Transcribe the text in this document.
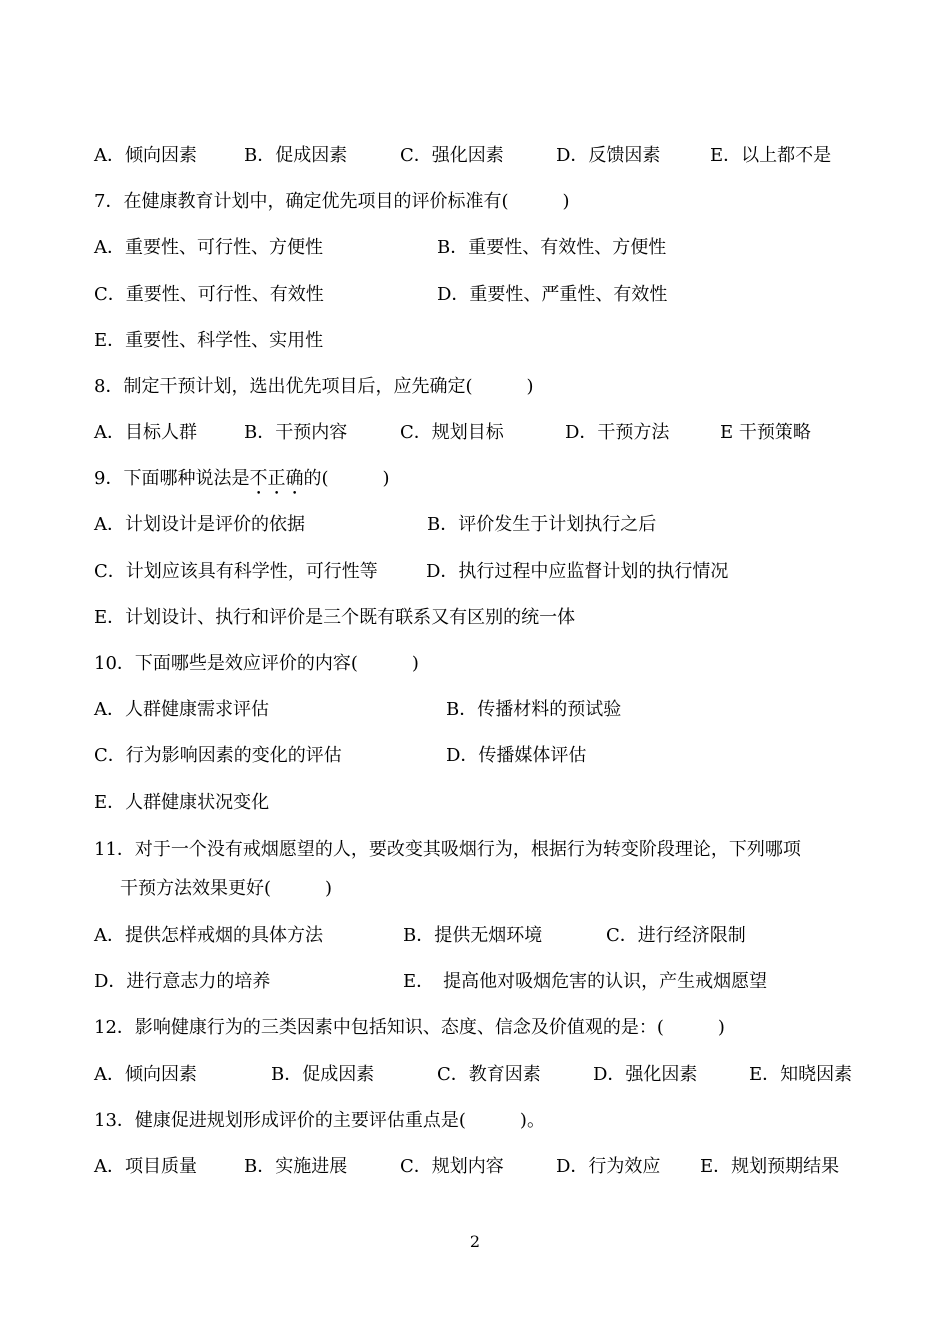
A．倾向因素	B．促成因素	C．强化因素	D．反馈因素	E．以上都不是
7．在健康教育计划中，确定优先项目的评价标准有(　　　)
A．重要性、可行性、方便性	B．重要性、有效性、方便性
C．重要性、可行性、有效性	D．重要性、严重性、有效性
E．重要性、科学性、实用性
8．制定干预计划，选出优先项目后，应先确定(　　　)
A．目标人群	B．干预内容	C．规划目标	D．干预方法	E 干预策略
9．下面哪种说法是不正确的(　　　)
A．计划设计是评价的依据	B．评价发生于计划执行之后
C．计划应该具有科学性，可行性等	D．执行过程中应监督计划的执行情况
E．计划设计、执行和评价是三个既有联系又有区别的统一体
10．下面哪些是效应评价的内容(　　　)
A．人群健康需求评估	B．传播材料的预试验
C．行为影响因素的变化的评估	D．传播媒体评估
E．人群健康状况变化
11．对于一个没有戒烟愿望的人，要改变其吸烟行为，根据行为转变阶段理论，下列哪项
干预方法效果更好(　　　)
A．提供怎样戒烟的具体方法	B．提供无烟环境	C．进行经济限制
D．进行意志力的培养	E．　提高他对吸烟危害的认识，产生戒烟愿望
12．影响健康行为的三类因素中包括知识、态度、信念及价值观的是：(　　　)
A．倾向因素	B．促成因素	C．教育因素	D．强化因素	E．知晓因素
13．健康促进规划形成评价的主要评估重点是(　　　)。
A．项目质量	B．实施进展	C．规划内容	D．行为效应 E．规划预期结果
2
